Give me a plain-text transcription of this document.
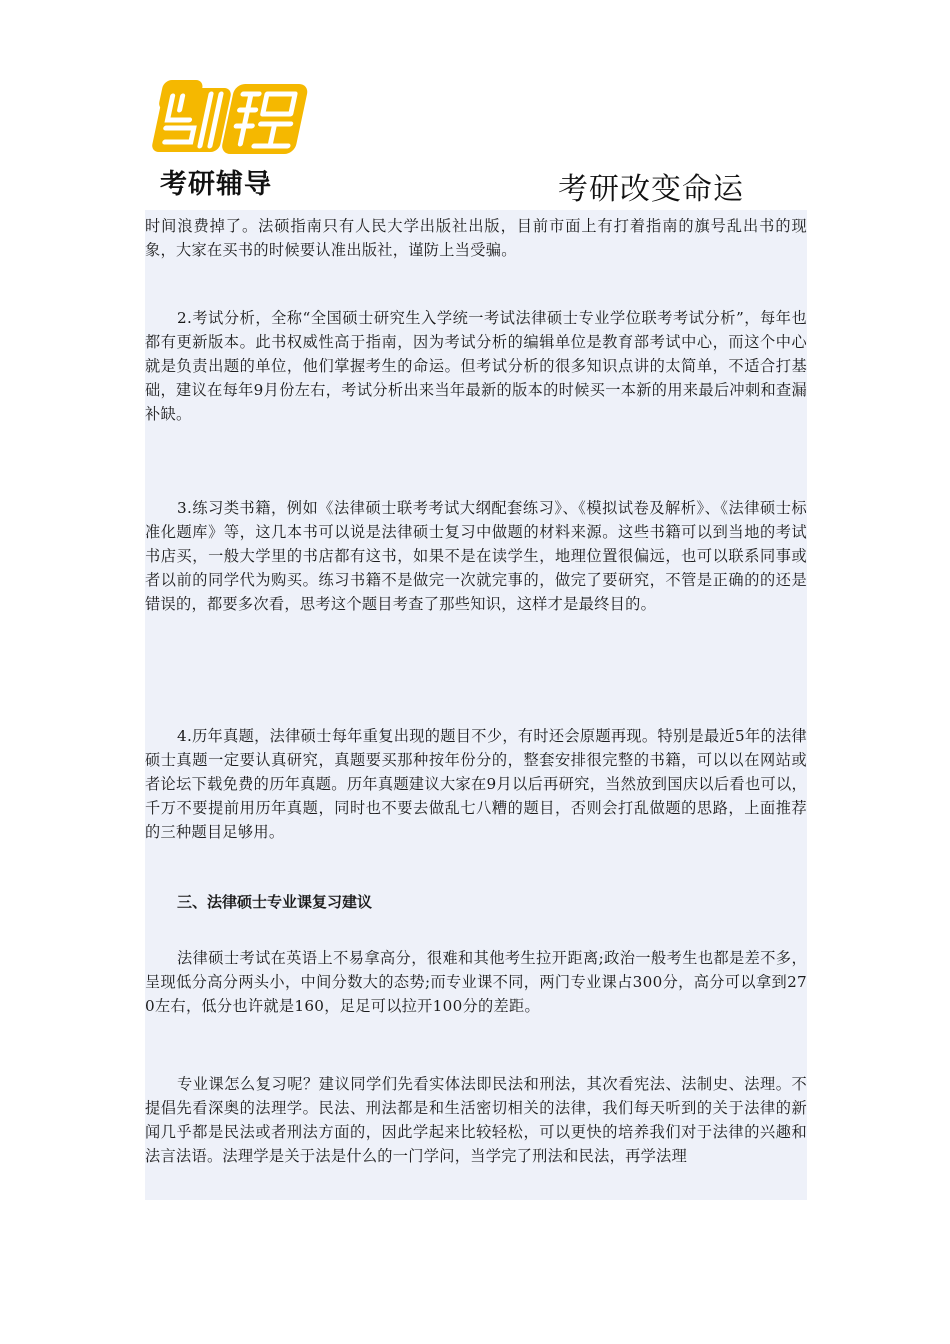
考研辅导	考研改变命运

时间浪费掉了。法硕指南只有人民大学出版社出版，目前市面上有打着指南的旗号乱出书的现象，大家在买书的时候要认准出版社，谨防上当受骗。

2.考试分析，全称“全国硕士研究生入学统一考试法律硕士专业学位联考考试分析”，每年也都有更新版本。此书权威性高于指南，因为考试分析的编辑单位是教育部考试中心，而这个中心就是负责出题的单位，他们掌握考生的命运。但考试分析的很多知识点讲的太简单，不适合打基础，建议在每年9月份左右，考试分析出来当年最新的版本的时候买一本新的用来最后冲刺和查漏补缺。

3.练习类书籍，例如《法律硕士联考考试大纲配套练习》、《模拟试卷及解析》、《法律硕士标准化题库》等，这几本书可以说是法律硕士复习中做题的材料来源。这些书籍可以到当地的考试书店买，一般大学里的书店都有这书，如果不是在读学生，地理位置很偏远，也可以联系同事或者以前的同学代为购买。练习书籍不是做完一次就完事的，做完了要研究，不管是正确的的还是错误的，都要多次看，思考这个题目考查了那些知识，这样才是最终目的。

4.历年真题，法律硕士每年重复出现的题目不少，有时还会原题再现。特别是最近5年的法律硕士真题一定要认真研究，真题要买那种按年份分的，整套安排很完整的书籍，可以以在网站或者论坛下载免费的历年真题。历年真题建议大家在9月以后再研究，当然放到国庆以后看也可以，千万不要提前用历年真题，同时也不要去做乱七八糟的题目，否则会打乱做题的思路，上面推荐的三种题目足够用。

三、法律硕士专业课复习建议

法律硕士考试在英语上不易拿高分，很难和其他考生拉开距离;政治一般考生也都是差不多，呈现低分高分两头小，中间分数大的态势;而专业课不同，两门专业课占300分，高分可以拿到270左右，低分也许就是160，足足可以拉开100分的差距。

专业课怎么复习呢？建议同学们先看实体法即民法和刑法，其次看宪法、法制史、法理。不提倡先看深奥的法理学。民法、刑法都是和生活密切相关的法律，我们每天听到的关于法律的新闻几乎都是民法或者刑法方面的，因此学起来比较轻松，可以更快的培养我们对于法律的兴趣和法言法语。法理学是关于法是什么的一门学问，当学完了刑法和民法，再学法理
